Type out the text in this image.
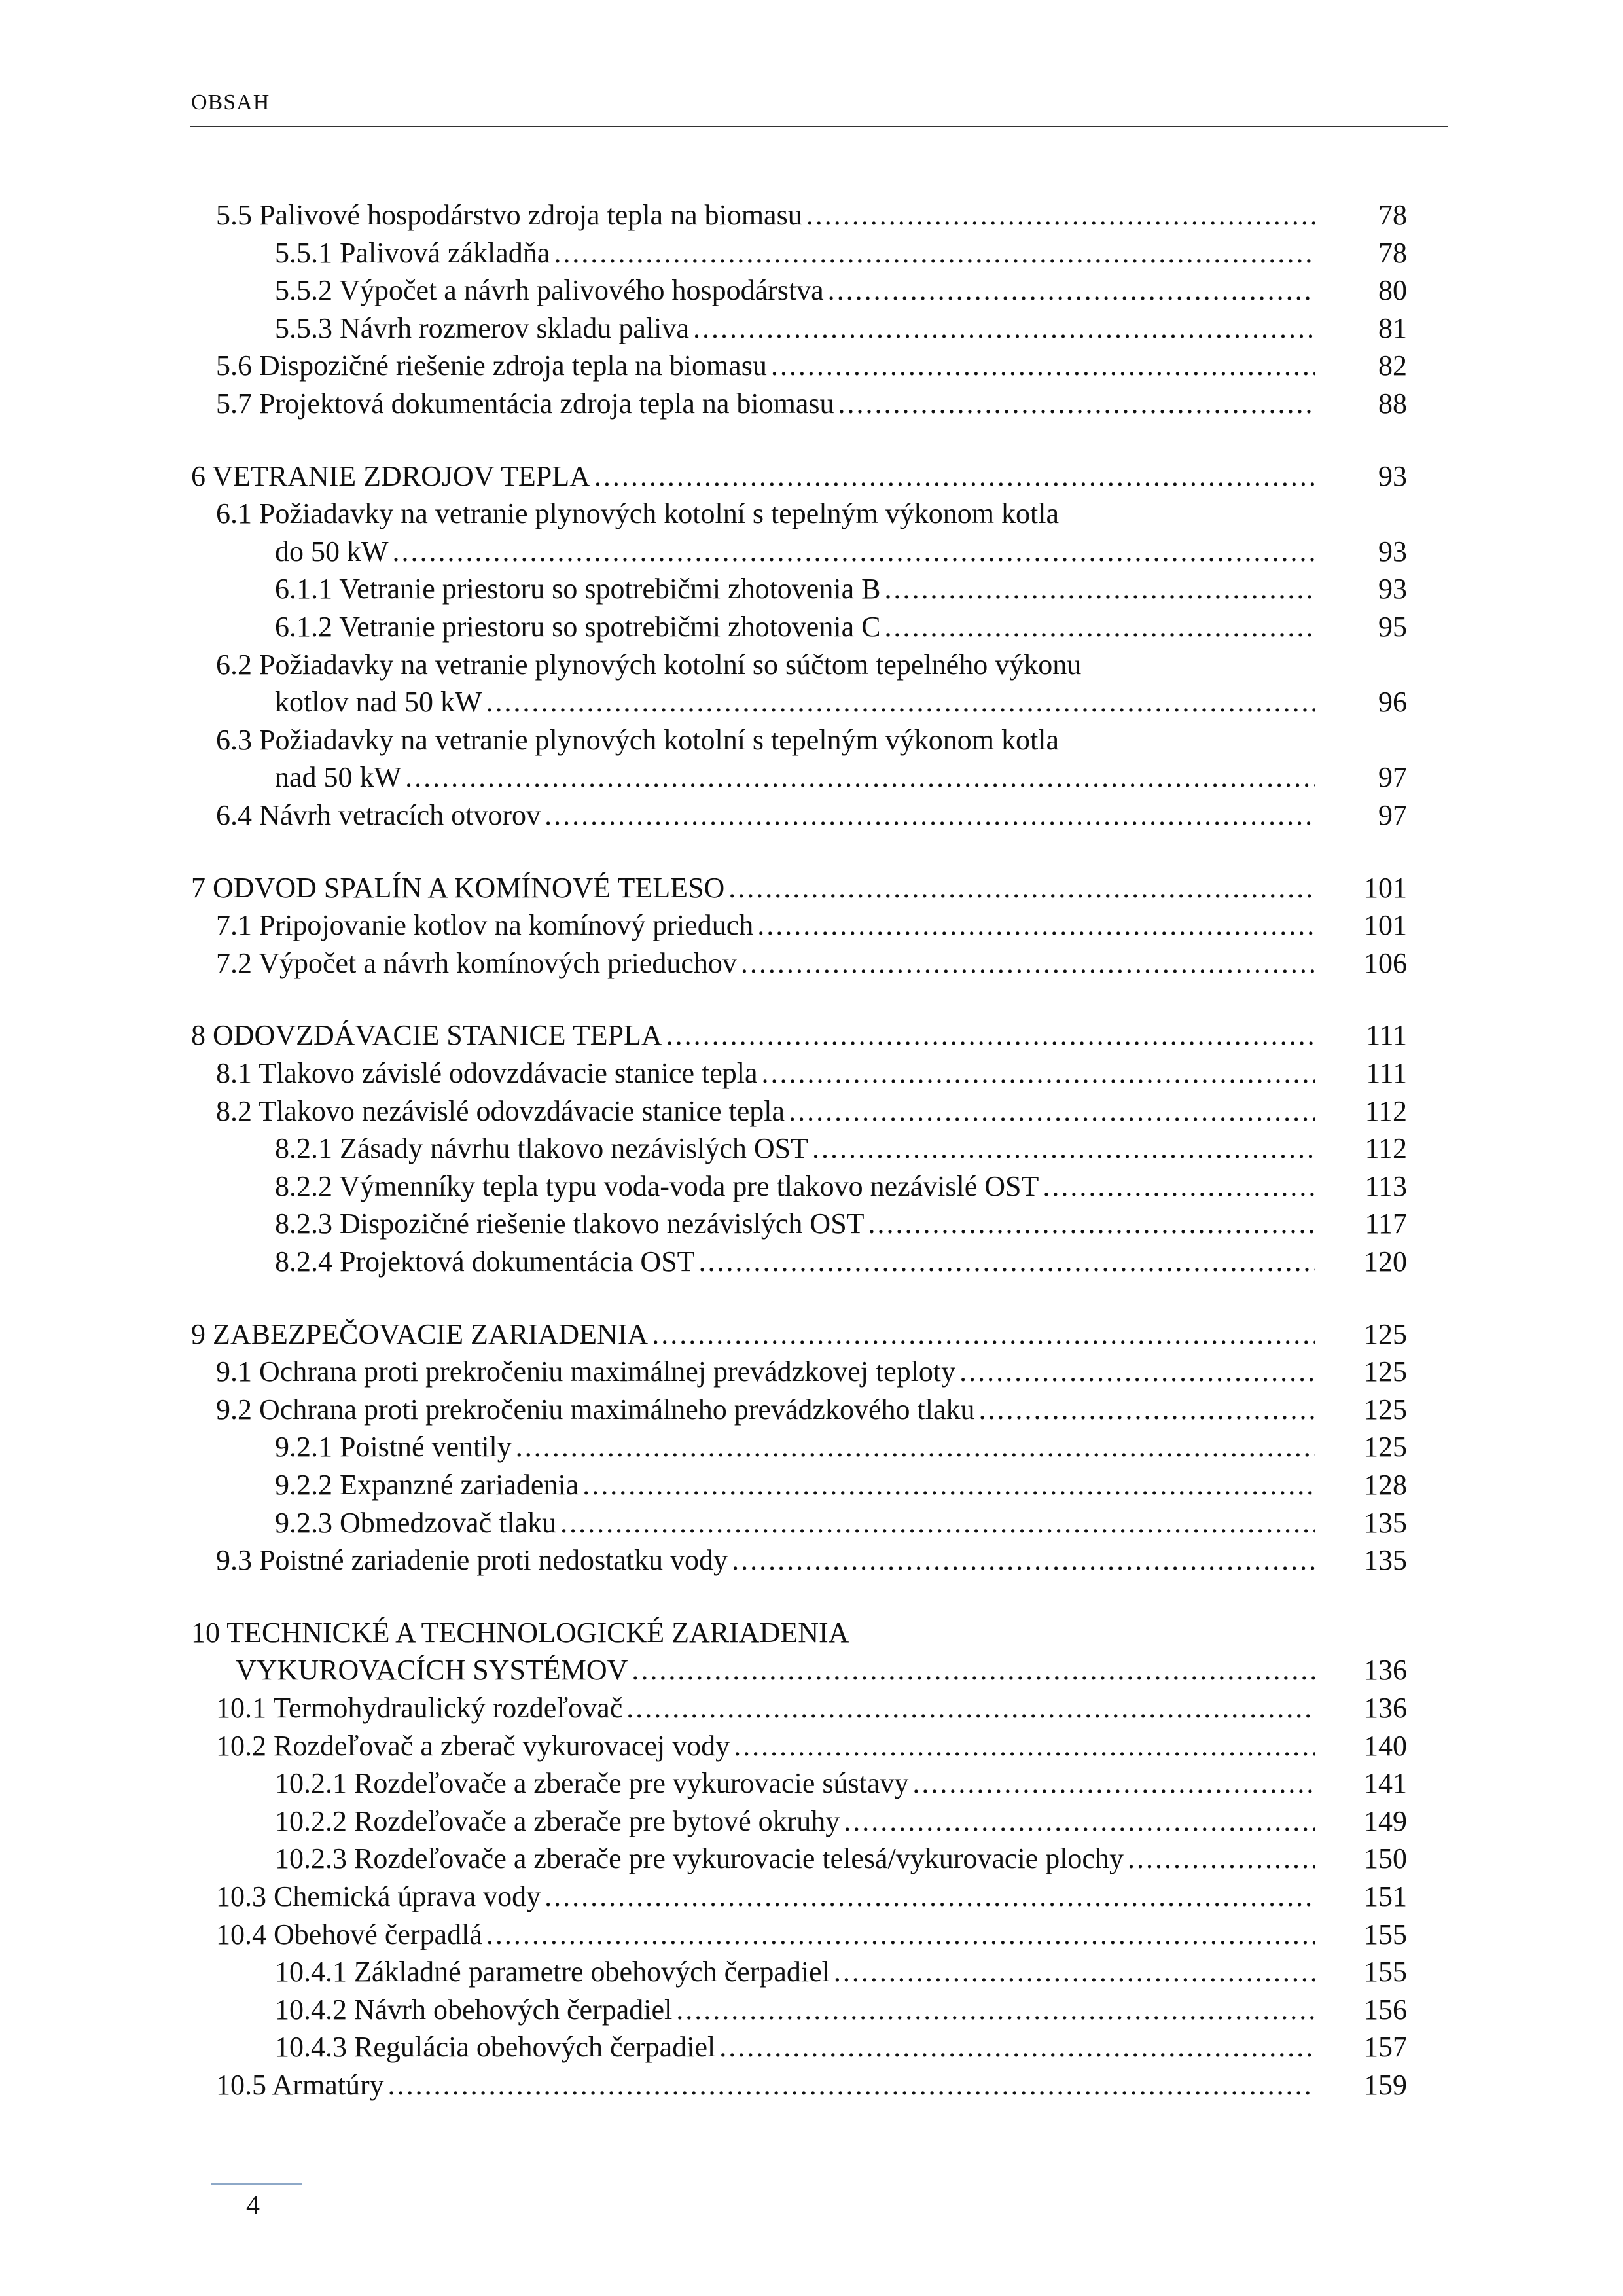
OBSAH
78
5.5 Palivové hospodárstvo zdroja tepla na biomasu
.....
78
5.5.1 Palivová základňa
.....
80
5.5.2 Výpočet a návrh palivového hospodárstva
.....
81
5.5.3 Návrh rozmerov skladu paliva
.....
82
5.6 Dispozičné riešenie zdroja tepla na biomasu
.....
88
5.7 Projektová dokumentácia zdroja tepla na biomasu
.....
93
6 VETRANIE ZDROJOV TEPLA
.....
6.1 Požiadavky na vetranie plynových kotolní s tepelným výkonom kotla
93
do 50 kW
.....
93
6.1.1 Vetranie priestoru so spotrebičmi zhotovenia B
.....
95
6.1.2 Vetranie priestoru so spotrebičmi zhotovenia C
.....
6.2 Požiadavky na vetranie plynových kotolní so súčtom tepelného výkonu
96
kotlov nad 50 kW
.....
6.3 Požiadavky na vetranie plynových kotolní s tepelným výkonom kotla
97
nad 50 kW
.....
97
6.4 Návrh vetracích otvorov
.....
101
7 ODVOD SPALÍN A KOMÍNOVÉ TELESO
.....
101
7.1 Pripojovanie kotlov na komínový prieduch
.....
106
7.2 Výpočet a návrh komínových prieduchov
.....
111
8 ODOVZDÁVACIE STANICE TEPLA
.....
111
8.1 Tlakovo závislé odovzdávacie stanice tepla
.....
112
8.2 Tlakovo nezávislé odovzdávacie stanice tepla
.....
112
8.2.1 Zásady návrhu tlakovo nezávislých OST
.....
113
8.2.2 Výmenníky tepla typu voda-voda pre tlakovo nezávislé OST
.....
117
8.2.3 Dispozičné riešenie tlakovo nezávislých OST
.....
120
8.2.4 Projektová dokumentácia OST
.....
125
9 ZABEZPEČOVACIE ZARIADENIA
.....
125
9.1 Ochrana proti prekročeniu maximálnej prevádzkovej teploty
.....
125
9.2 Ochrana proti prekročeniu maximálneho prevádzkového tlaku
.....
125
9.2.1 Poistné ventily
.....
128
9.2.2 Expanzné zariadenia
.....
135
9.2.3 Obmedzovač tlaku
.....
135
9.3 Poistné zariadenie proti nedostatku vody
.....
10 TECHNICKÉ A TECHNOLOGICKÉ ZARIADENIA
136
VYKUROVACÍCH SYSTÉMOV
.....
136
10.1 Termohydraulický rozdeľovač
.....
140
10.2 Rozdeľovač a zberač vykurovacej vody
.....
141
10.2.1 Rozdeľovače a zberače pre vykurovacie sústavy
.....
149
10.2.2 Rozdeľovače a zberače pre bytové okruhy
.....
150
10.2.3 Rozdeľovače a zberače pre vykurovacie telesá/vykurovacie plochy
.....
151
10.3 Chemická úprava vody
.....
155
10.4 Obehové čerpadlá
.....
155
10.4.1 Základné parametre obehových čerpadiel
.....
156
10.4.2 Návrh obehových čerpadiel
.....
157
10.4.3 Regulácia obehových čerpadiel
.....
159
10.5 Armatúry
.....
4
